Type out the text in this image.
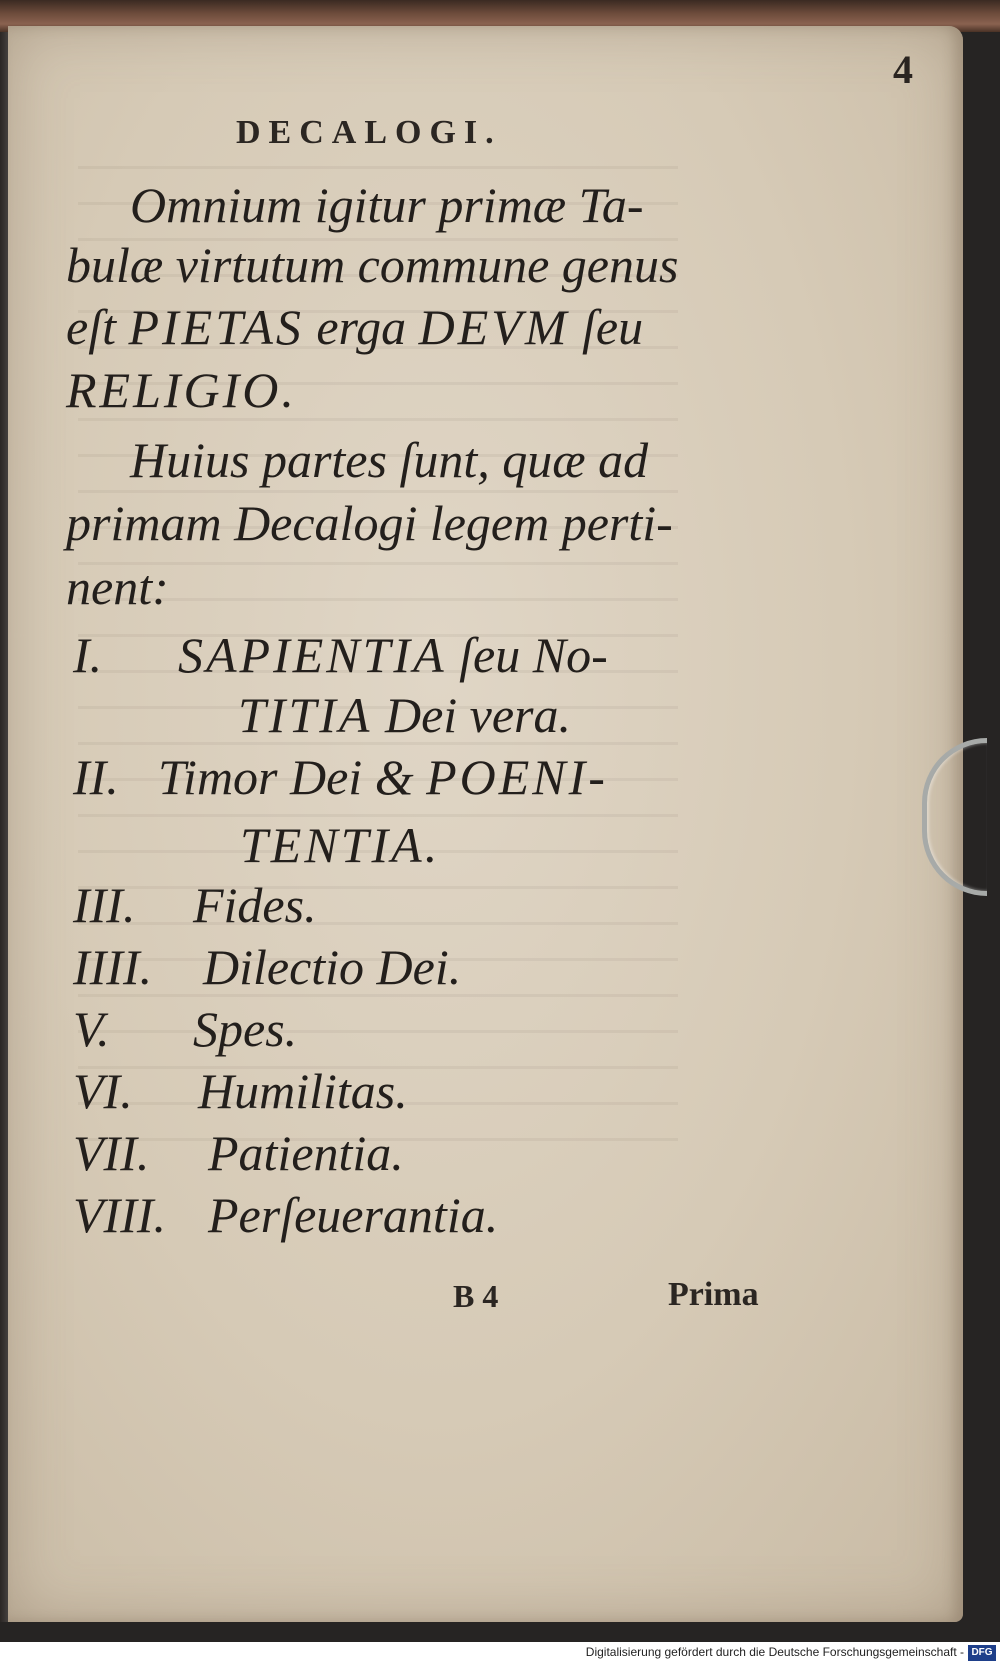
4
DECALOGI.
Omnium igitur primæ Ta-
bulæ virtutum commune genus
eſt PIETAS erga DEVM ſeu
RELIGIO.
Huius partes ſunt, quæ ad
primam Decalogi legem perti-
nent:
I. SAPIENTIA ſeu No-
TITIA Dei vera.
II. Timor Dei & POENI-
TENTIA.
III. Fides.
IIII. Dilectio Dei.
V. Spes.
VI. Humilitas.
VII. Patientia.
VIII. Perſeuerantia.
B 4	Prima
Digitalisierung gefördert durch die Deutsche Forschungsgemeinschaft - DFG
